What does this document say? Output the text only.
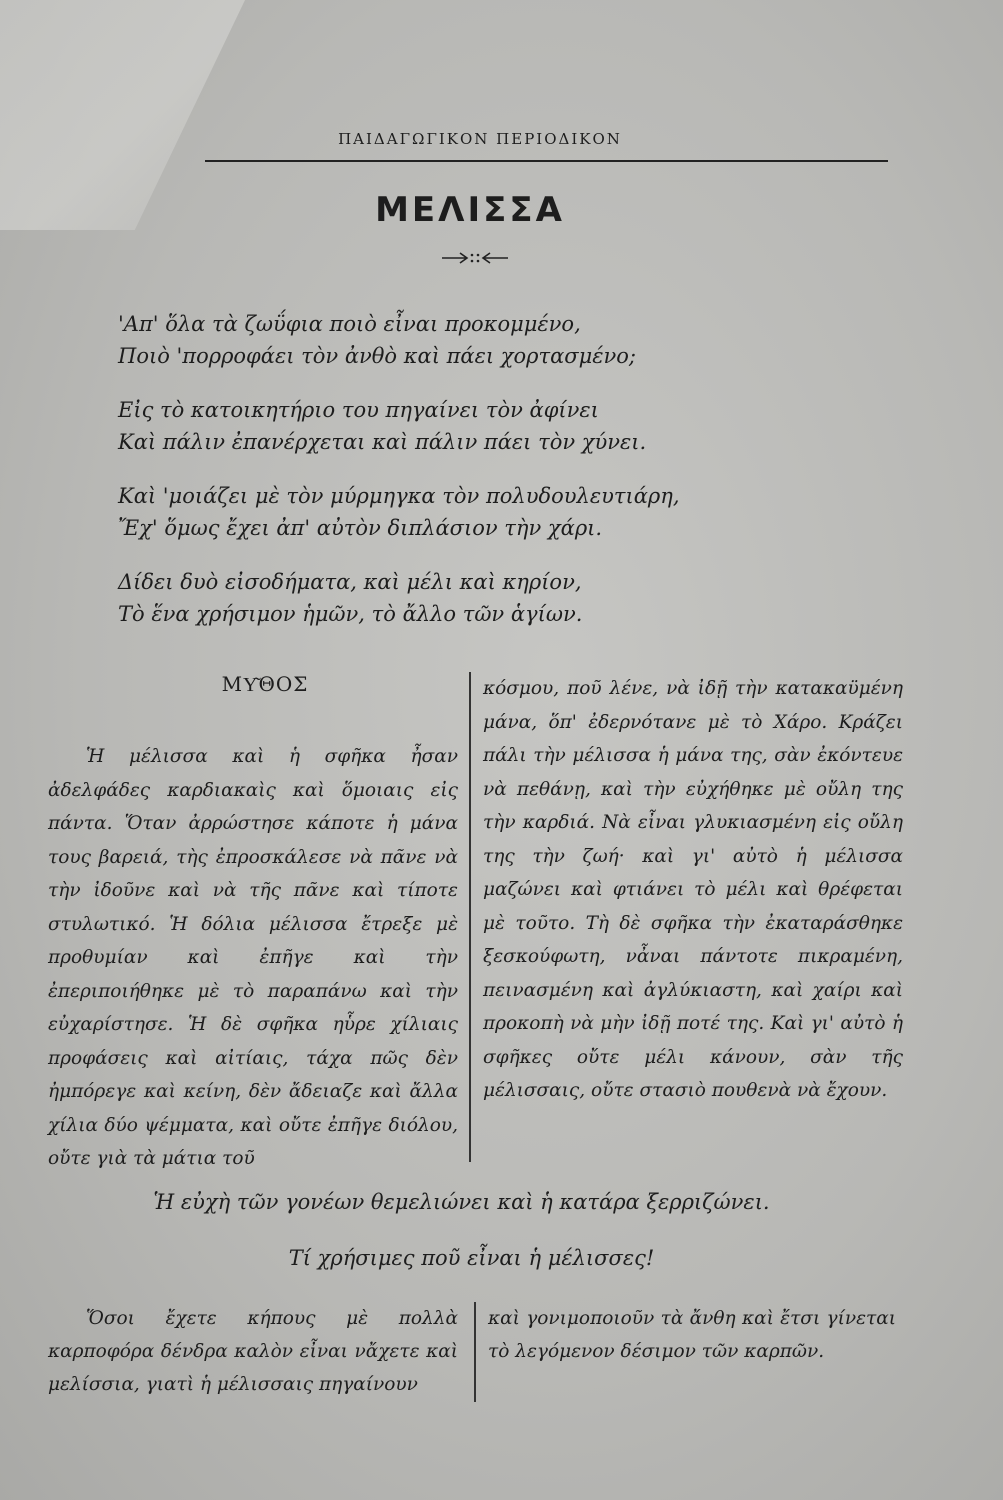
ΠΑΙΔΑΓΩΓΙΚΟΝ ΠΕΡΙΟΔΙΚΟΝ
ΜΕΛΙΣΣΑ

'Απ' ὅλα τὰ ζωΰφια ποιὸ εἶναι προκομμένο,

Ποιὸ 'πορροφάει τὸν ἀνθὸ καὶ πάει χορτασμένο;

Εἰς τὸ κατοικητήριο του πηγαίνει τὸν ἀφίνει

Καὶ πάλιν ἐπανέρχεται καὶ πάλιν πάει τὸν χύνει.

Καὶ 'μοιάζει μὲ τὸν μύρμηγκα τὸν πολυδουλευτιάρη,

Ἔχ' ὅμως ἔχει ἀπ' αὐτὸν διπλάσιον τὴν χάρι.

Δίδει δυὸ εἰσοδήματα, καὶ μέλι καὶ κηρίον,

Τὸ ἕνα χρήσιμον ἡμῶν, τὸ ἄλλο τῶν ἁγίων.

ΜΥ͂ΘΟΣ

Ἡ μέλισσα καὶ ἡ σφῆκα ἦσαν ἀδελφάδες καρδιακαὶς καὶ ὅμοιαις εἰς πάντα. Ὅταν ἀρρώστησε κάποτε ἡ μάνα τους βαρειά, τὴς ἐπροσκάλεσε νὰ πᾶνε νὰ τὴν ἰδοῦνε καὶ νὰ τῆς πᾶνε καὶ τίποτε στυλωτικό. Ἡ δόλια μέλισσα ἔτρεξε μὲ προθυμίαν καὶ ἐπῆγε καὶ τὴν ἐπεριποιήθηκε μὲ τὸ παραπάνω καὶ τὴν εὐχαρίστησε. Ἡ δὲ σφῆκα ηὗρε χίλιαις προφάσεις καὶ αἰτίαις, τάχα πῶς δὲν ἠμπόρεγε καὶ κείνη, δὲν ἄδειαζε καὶ ἄλλα χίλια δύο ψέμματα, καὶ οὔτε ἐπῆγε διόλου, οὔτε γιὰ τὰ μάτια τοῦ

κόσμου, ποῦ λένε, νὰ ἰδῇ τὴν κατακαϋμένη μάνα, ὅπ' ἐδερνότανε μὲ τὸ Χάρο. Κράζει πάλι τὴν μέλισσα ἡ μάνα της, σὰν ἐκόντευε νὰ πεθάνῃ, καὶ τὴν εὐχήθηκε μὲ οὔλη της τὴν καρδιά. Νὰ εἶναι γλυκιασμένη εἰς οὔλη της τὴν ζωή· καὶ γι' αὐτὸ ἡ μέλισσα μαζώνει καὶ φτιάνει τὸ μέλι καὶ θρέφεται μὲ τοῦτο. Τὴ δὲ σφῆκα τὴν ἐκαταράσθηκε ξεσκούφωτη, νἆναι πάντοτε πικραμένη, πεινασμένη καὶ ἀγλύκιαστη, καὶ χαίρι καὶ προκοπὴ νὰ μὴν ἰδῇ ποτέ της. Καὶ γι' αὐτὸ ἡ σφῆκες οὔτε μέλι κάνουν, σὰν τῆς μέλισσαις, οὔτε στασιὸ πουθενὰ νὰ ἔχουν.

Ἡ εὐχὴ τῶν γονέων θεμελιώνει καὶ ἡ κατάρα ξερριζώνει.
Τί χρήσιμες ποῦ εἶναι ἡ μέλισσες!

Ὅσοι ἔχετε κήπους μὲ πολλὰ καρποφόρα δένδρα καλὸν εἶναι νἄχετε καὶ μελίσσια, γιατὶ ἡ μέλισσαις πηγαίνουν

καὶ γονιμοποιοῦν τὰ ἄνθη καὶ ἔτσι γίνεται τὸ λεγόμενον δέσιμον τῶν καρπῶν.
